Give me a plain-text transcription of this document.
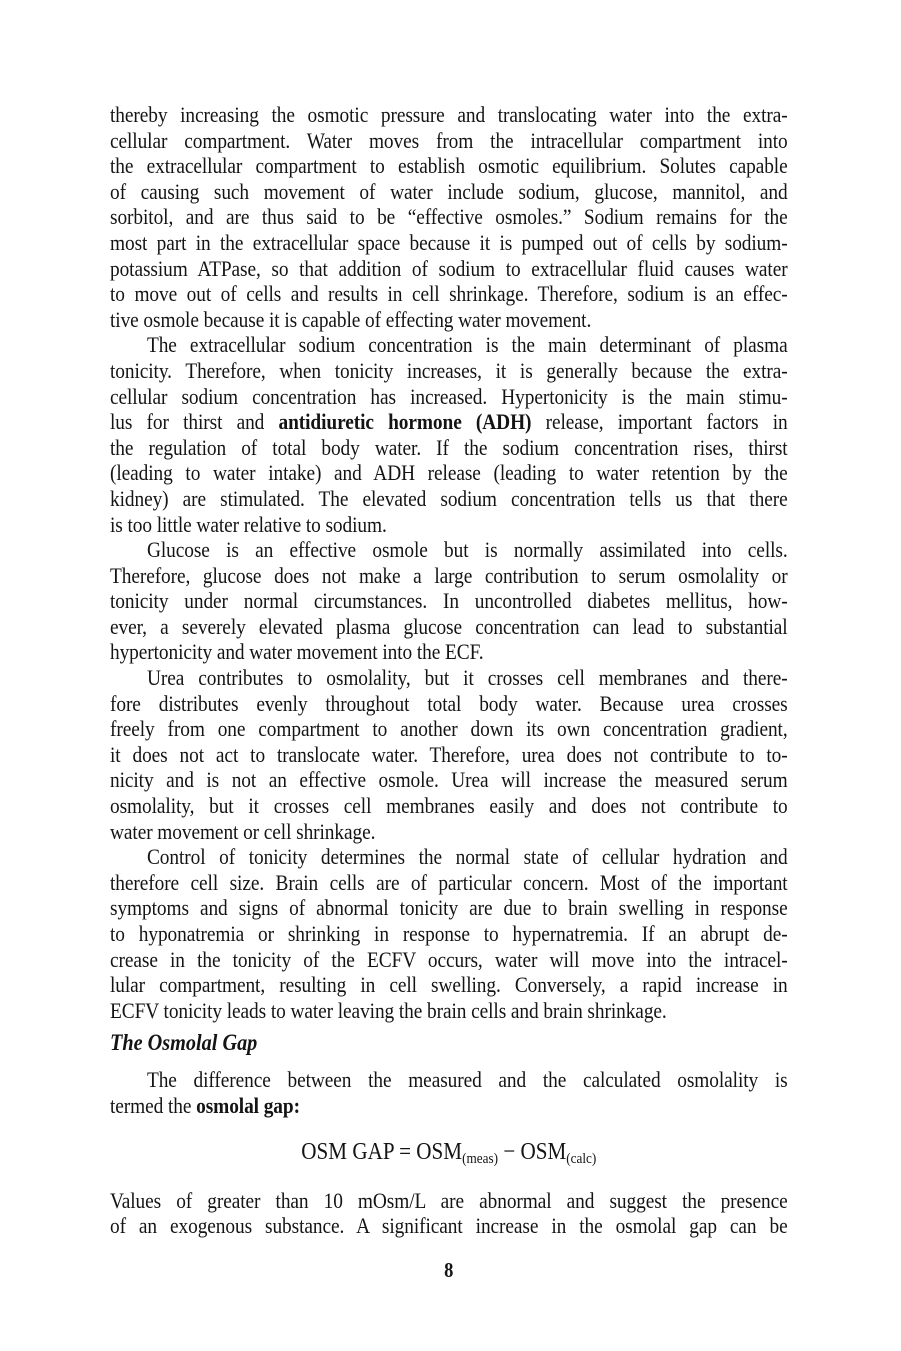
thereby increasing the osmotic pressure and translocating water into the extra-
cellular compartment. Water moves from the intracellular compartment into
the extracellular compartment to establish osmotic equilibrium. Solutes capable
of causing such movement of water include sodium, glucose, mannitol, and
sorbitol, and are thus said to be “effective osmoles.” Sodium remains for the
most part in the extracellular space because it is pumped out of cells by sodium-
potassium ATPase, so that addition of sodium to extracellular fluid causes water
to move out of cells and results in cell shrinkage. Therefore, sodium is an effec-
tive osmole because it is capable of effecting water movement.
The extracellular sodium concentration is the main determinant of plasma
tonicity. Therefore, when tonicity increases, it is generally because the extra-
cellular sodium concentration has increased. Hypertonicity is the main stimu-
lus for thirst and antidiuretic hormone (ADH) release, important factors in
the regulation of total body water. If the sodium concentration rises, thirst
(leading to water intake) and ADH release (leading to water retention by the
kidney) are stimulated. The elevated sodium concentration tells us that there
is too little water relative to sodium.
Glucose is an effective osmole but is normally assimilated into cells.
Therefore, glucose does not make a large contribution to serum osmolality or
tonicity under normal circumstances. In uncontrolled diabetes mellitus, how-
ever, a severely elevated plasma glucose concentration can lead to substantial
hypertonicity and water movement into the ECF.
Urea contributes to osmolality, but it crosses cell membranes and there-
fore distributes evenly throughout total body water. Because urea crosses
freely from one compartment to another down its own concentration gradient,
it does not act to translocate water. Therefore, urea does not contribute to to-
nicity and is not an effective osmole. Urea will increase the measured serum
osmolality, but it crosses cell membranes easily and does not contribute to
water movement or cell shrinkage.
Control of tonicity determines the normal state of cellular hydration and
therefore cell size. Brain cells are of particular concern. Most of the important
symptoms and signs of abnormal tonicity are due to brain swelling in response
to hyponatremia or shrinking in response to hypernatremia. If an abrupt de-
crease in the tonicity of the ECFV occurs, water will move into the intracel-
lular compartment, resulting in cell swelling. Conversely, a rapid increase in
ECFV tonicity leads to water leaving the brain cells and brain shrinkage.
The Osmolal Gap
The difference between the measured and the calculated osmolality is
termed the osmolal gap:
OSM GAP = $OSM_{(meas)} - OSM_{(calc)}$
Values of greater than 10 mOsm/L are abnormal and suggest the presence
of an exogenous substance. A significant increase in the osmolal gap can be
8
